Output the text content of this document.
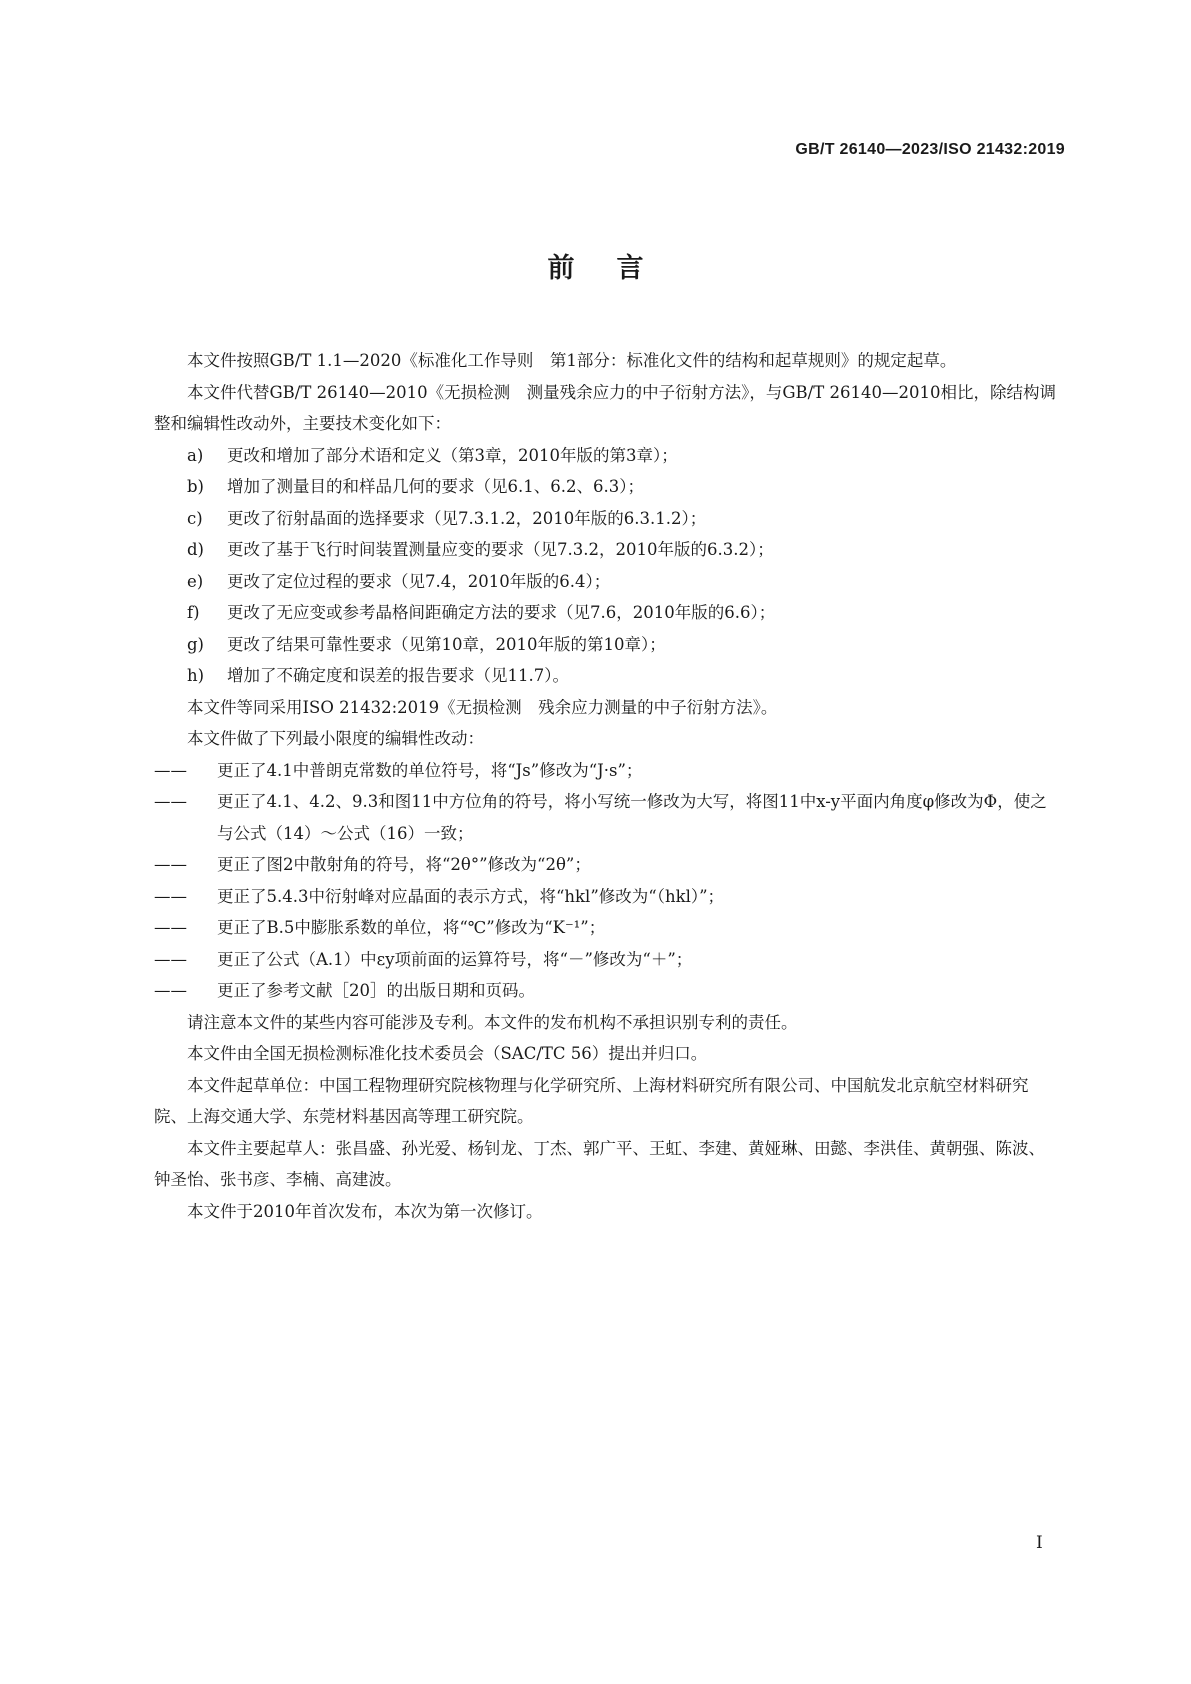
GB/T 26140—2023/ISO 21432:2019
前言

本文件按照GB/T 1.1—2020《标准化工作导则　第1部分：标准化文件的结构和起草规则》的规定起草。

本文件代替GB/T 26140—2010《无损检测　测量残余应力的中子衍射方法》，与GB/T 26140—2010相比，除结构调整和编辑性改动外，主要技术变化如下：

a) 更改和增加了部分术语和定义（第3章，2010年版的第3章）；

b) 增加了测量目的和样品几何的要求（见6.1、6.2、6.3）；

c) 更改了衍射晶面的选择要求（见7.3.1.2，2010年版的6.3.1.2）；

d) 更改了基于飞行时间装置测量应变的要求（见7.3.2，2010年版的6.3.2）；

e) 更改了定位过程的要求（见7.4，2010年版的6.4）；

f) 更改了无应变或参考晶格间距确定方法的要求（见7.6，2010年版的6.6）；

g) 更改了结果可靠性要求（见第10章，2010年版的第10章）；

h) 增加了不确定度和误差的报告要求（见11.7）。

本文件等同采用ISO 21432:2019《无损检测　残余应力测量的中子衍射方法》。

本文件做了下列最小限度的编辑性改动：

—— 更正了4.1中普朗克常数的单位符号，将“Js”修改为“J·s”；

—— 更正了4.1、4.2、9.3和图11中方位角的符号，将小写统一修改为大写，将图11中x-y平面内角度φ修改为Φ，使之与公式（14）～公式（16）一致；

—— 更正了图2中散射角的符号，将“2θ°”修改为“2θ”；

—— 更正了5.4.3中衍射峰对应晶面的表示方式，将“hkl”修改为“（hkl）”；

—— 更正了B.5中膨胀系数的单位，将“℃”修改为“K⁻¹”；

—— 更正了公式（A.1）中εy项前面的运算符号，将“－”修改为“＋”；

—— 更正了参考文献［20］的出版日期和页码。

请注意本文件的某些内容可能涉及专利。本文件的发布机构不承担识别专利的责任。

本文件由全国无损检测标准化技术委员会（SAC/TC 56）提出并归口。

本文件起草单位：中国工程物理研究院核物理与化学研究所、上海材料研究所有限公司、中国航发北京航空材料研究院、上海交通大学、东莞材料基因高等理工研究院。

本文件主要起草人：张昌盛、孙光爱、杨钊龙、丁杰、郭广平、王虹、李建、黄娅琳、田懿、李洪佳、黄朝强、陈波、钟圣怡、张书彦、李楠、高建波。

本文件于2010年首次发布，本次为第一次修订。

I
